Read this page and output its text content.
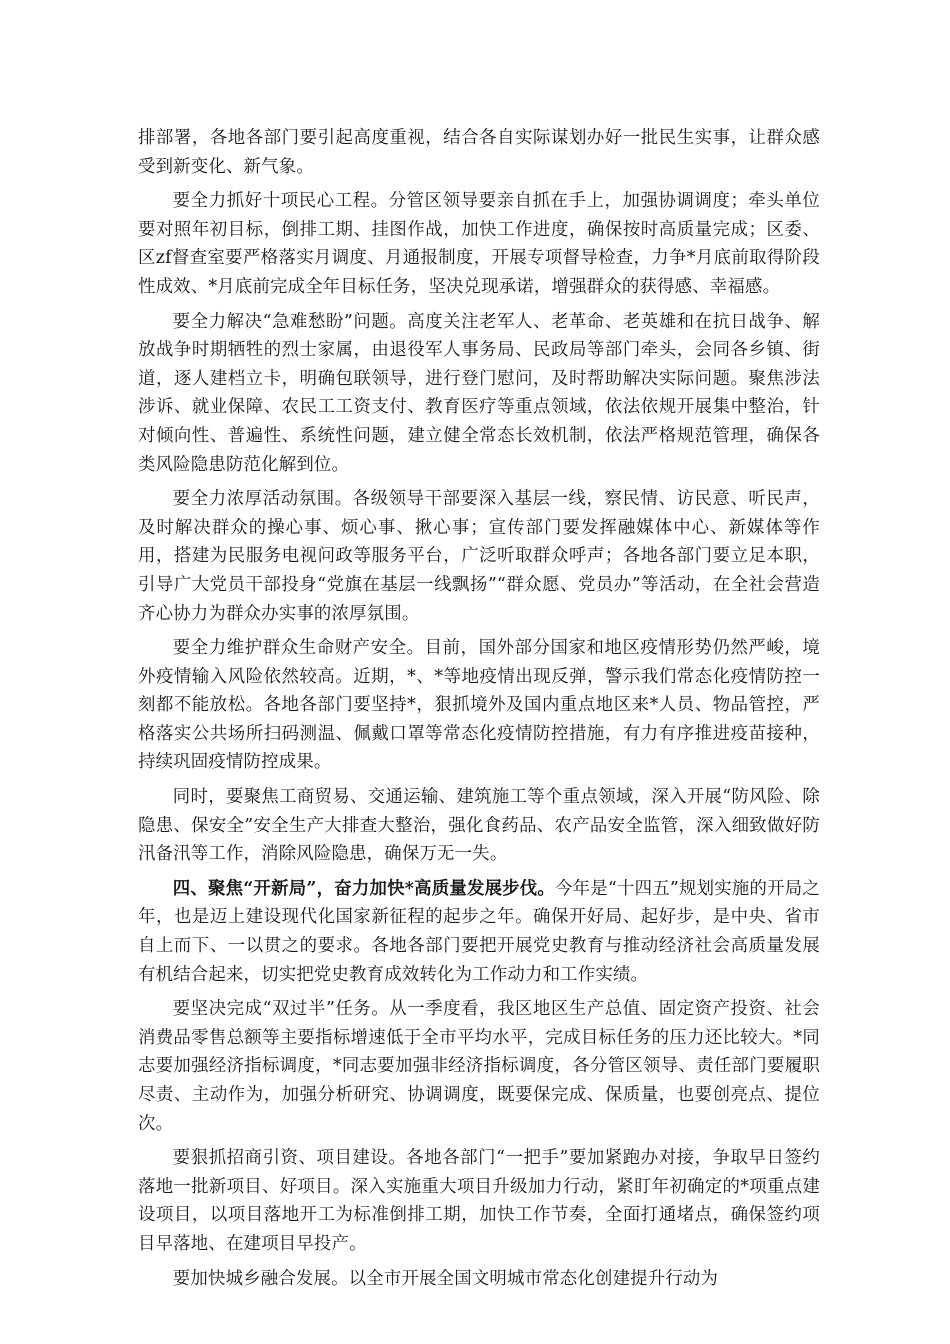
排部署，各地各部门要引起高度重视，结合各自实际谋划办好一批民生实事，让群众感受到新变化、新气象。

要全力抓好十项民心工程。分管区领导要亲自抓在手上，加强协调调度；牵头单位要对照年初目标，倒排工期、挂图作战，加快工作进度，确保按时高质量完成；区委、区zf督查室要严格落实月调度、月通报制度，开展专项督导检查，力争*月底前取得阶段性成效、*月底前完成全年目标任务，坚决兑现承诺，增强群众的获得感、幸福感。

要全力解决“急难愁盼”问题。高度关注老军人、老革命、老英雄和在抗日战争、解放战争时期牺牲的烈士家属，由退役军人事务局、民政局等部门牵头，会同各乡镇、街道，逐人建档立卡，明确包联领导，进行登门慰问，及时帮助解决实际问题。聚焦涉法涉诉、就业保障、农民工工资支付、教育医疗等重点领域，依法依规开展集中整治，针对倾向性、普遍性、系统性问题，建立健全常态长效机制，依法严格规范管理，确保各类风险隐患防范化解到位。

要全力浓厚活动氛围。各级领导干部要深入基层一线，察民情、访民意、听民声，及时解决群众的操心事、烦心事、揪心事；宣传部门要发挥融媒体中心、新媒体等作用，搭建为民服务电视问政等服务平台，广泛听取群众呼声；各地各部门要立足本职，引导广大党员干部投身“党旗在基层一线飘扬”“群众愿、党员办”等活动，在全社会营造齐心协力为群众办实事的浓厚氛围。

要全力维护群众生命财产安全。目前，国外部分国家和地区疫情形势仍然严峻，境外疫情输入风险依然较高。近期，*、*等地疫情出现反弹，警示我们常态化疫情防控一刻都不能放松。各地各部门要坚持*，狠抓境外及国内重点地区来*人员、物品管控，严格落实公共场所扫码测温、佩戴口罩等常态化疫情防控措施，有力有序推进疫苗接种，持续巩固疫情防控成果。

同时，要聚焦工商贸易、交通运输、建筑施工等个重点领域，深入开展“防风险、除隐患、保安全”安全生产大排查大整治，强化食药品、农产品安全监管，深入细致做好防汛备汛等工作，消除风险隐患，确保万无一失。

四、聚焦“开新局”，奋力加快*高质量发展步伐。今年是“十四五”规划实施的开局之年，也是迈上建设现代化国家新征程的起步之年。确保开好局、起好步，是中央、省市自上而下、一以贯之的要求。各地各部门要把开展党史教育与推动经济社会高质量发展有机结合起来，切实把党史教育成效转化为工作动力和工作实绩。

要坚决完成“双过半”任务。从一季度看，我区地区生产总值、固定资产投资、社会消费品零售总额等主要指标增速低于全市平均水平，完成目标任务的压力还比较大。*同志要加强经济指标调度，*同志要加强非经济指标调度，各分管区领导、责任部门要履职尽责、主动作为，加强分析研究、协调调度，既要保完成、保质量，也要创亮点、提位次。

要狠抓招商引资、项目建设。各地各部门“一把手”要加紧跑办对接，争取早日签约落地一批新项目、好项目。深入实施重大项目升级加力行动，紧盯年初确定的*项重点建设项目，以项目落地开工为标准倒排工期，加快工作节奏，全面打通堵点，确保签约项目早落地、在建项目早投产。

要加快城乡融合发展。以全市开展全国文明城市常态化创建提升行动为
